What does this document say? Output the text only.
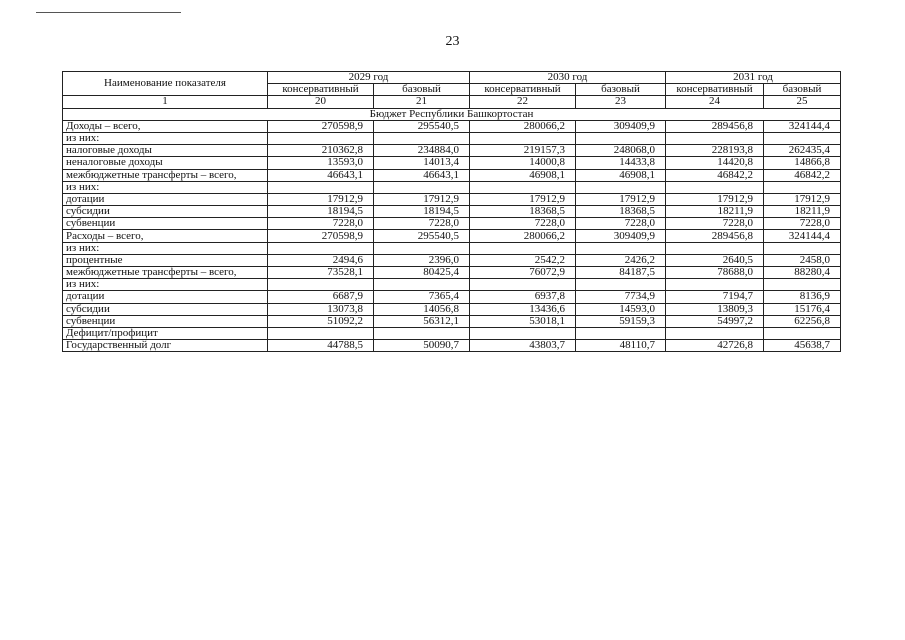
23
Наименование показателя	2029 год		2030 год		2031 год	
	консервативный	базовый	консервативный	базовый	консервативный	базовый
1	20	21	22	23	24	25
Бюджет Республики Башкортостан						
Доходы – всего,	270598,9	295540,5	280066,2	309409,9	289456,8	324144,4
из них:						
налоговые доходы	210362,8	234884,0	219157,3	248068,0	228193,8	262435,4
неналоговые доходы	13593,0	14013,4	14000,8	14433,8	14420,8	14866,8
межбюджетные трансферты – всего,	46643,1	46643,1	46908,1	46908,1	46842,2	46842,2
из них:						
дотации	17912,9	17912,9	17912,9	17912,9	17912,9	17912,9
субсидии	18194,5	18194,5	18368,5	18368,5	18211,9	18211,9
субвенции	7228,0	7228,0	7228,0	7228,0	7228,0	7228,0
Расходы – всего,	270598,9	295540,5	280066,2	309409,9	289456,8	324144,4
из них:						
процентные	2494,6	2396,0	2542,2	2426,2	2640,5	2458,0
межбюджетные трансферты – всего,	73528,1	80425,4	76072,9	84187,5	78688,0	88280,4
из них:						
дотации	6687,9	7365,4	6937,8	7734,9	7194,7	8136,9
субсидии	13073,8	14056,8	13436,6	14593,0	13809,3	15176,4
субвенции	51092,2	56312,1	53018,1	59159,3	54997,2	62256,8
Дефицит/профицит						
Государственный долг	44788,5	50090,7	43803,7	48110,7	42726,8	45638,7
